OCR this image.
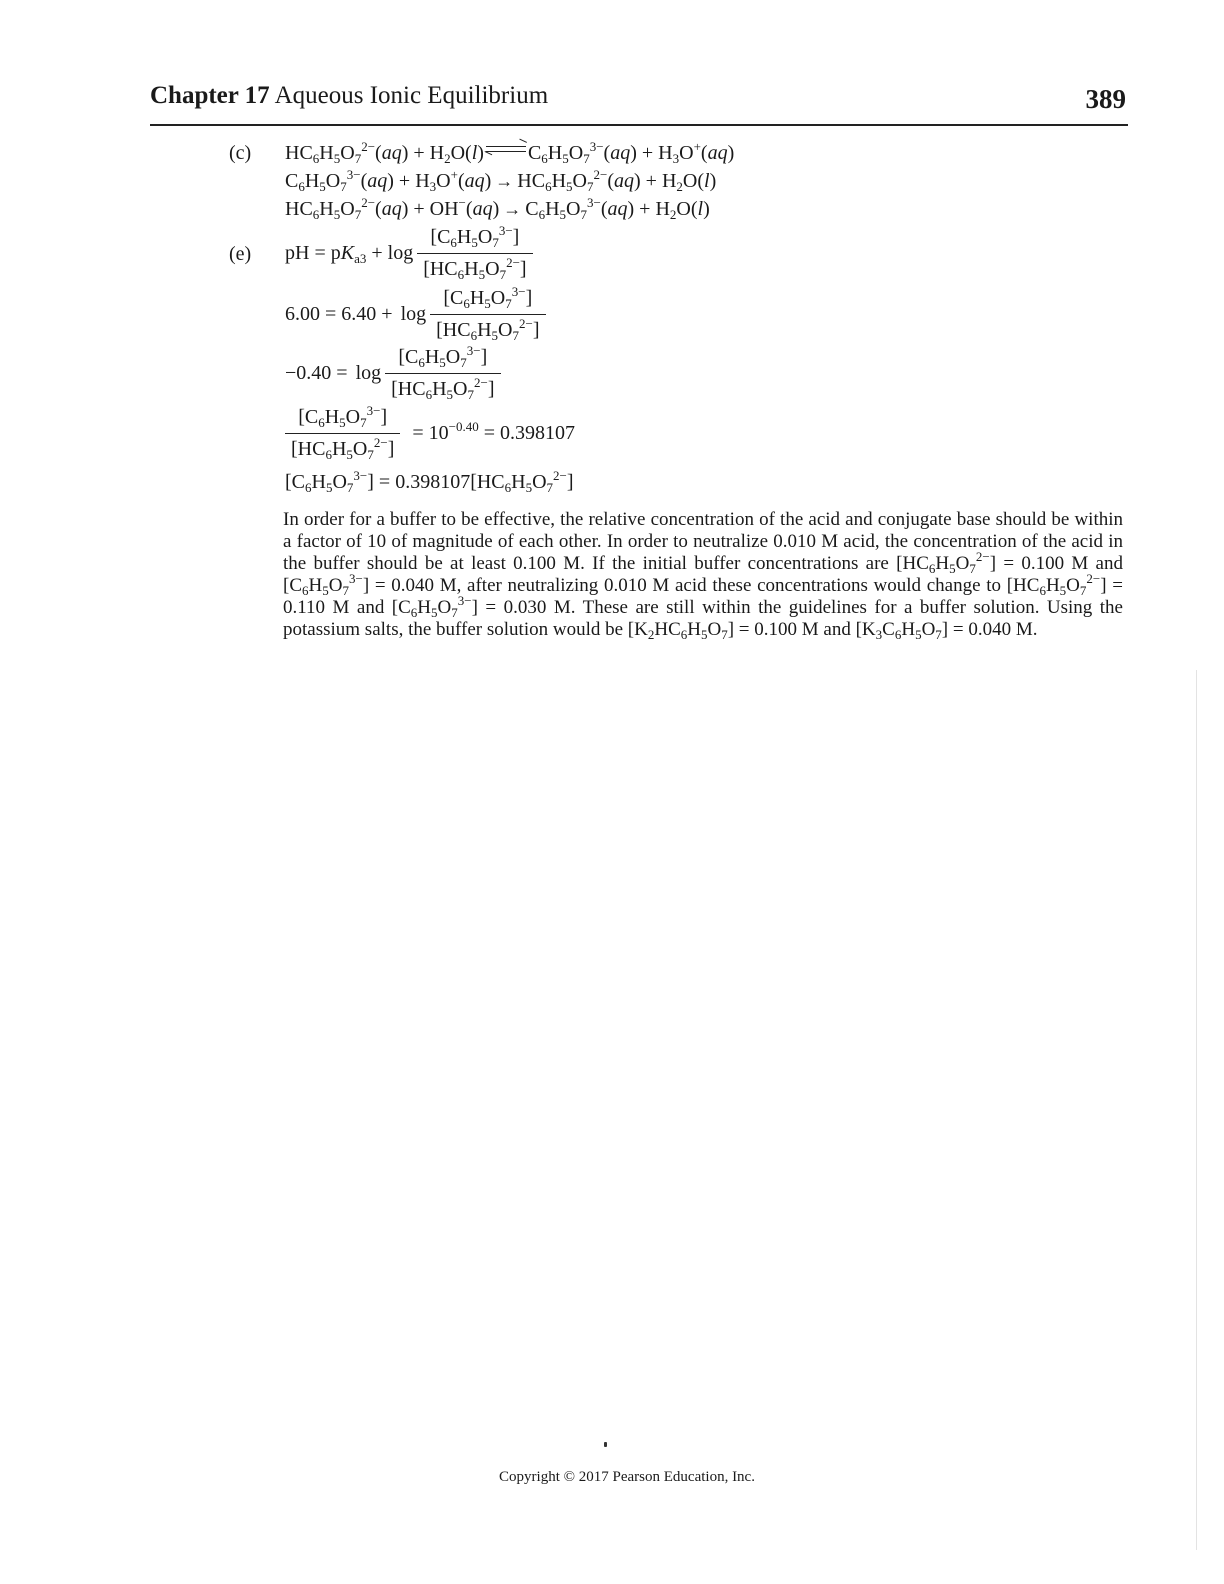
Chapter 17 Aqueous Ionic Equilibrium	389
(c) $HC_6H_5O_7^{2-}(aq) + H_2O(l) C_6H_5O_7^{3-}(aq) + H_3O^+(aq)$
$C_6H_5O_7^{3-}(aq) + H_3O^+(aq) \to HC_6H_5O_7^{2-}(aq) + H_2O(l)$
$HC_6H_5O_7^{2-}(aq) + OH^-(aq) \to C_6H_5O_7^{3-}(aq) + H_2O(l)$
(e) pH = $pK_{a3} + \log \frac{[C_6H_5O_7^{3-}]}{[HC_6H_5O_7^{2-}]}$
$6.00 = 6.40 + \log \frac{[C_6H_5O_7^{3-}]}{[HC_6H_5O_7^{2-}]}$
$-0.40 = \log \frac{[C_6H_5O_7^{3-}]}{[HC_6H_5O_7^{2-}]}$
$\frac{[C_6H_5O_7^{3-}]}{[HC_6H_5O_7^{2-}]} = 10^{-0.40} = 0.398107$
$[C_6H_5O_7^{3-}] = 0.398107[HC_6H_5O_7^{2-}]$
In order for a buffer to be effective, the relative concentration of the acid and conjugate base should be within a factor of 10 of magnitude of each other. In order to neutralize 0.010 M acid, the concentration of the acid in the buffer should be at least 0.100 M. If the initial buffer concentrations are $[HC_6H_5O_7^{2-}] = 0.100$ M and $[C_6H_5O_7^{3-}] = 0.040$ M, after neutralizing 0.010 M acid these concentrations would change to $[HC_6H_5O_7^{2-}] = 0.110$ M and $[C_6H_5O_7^{3-}] = 0.030$ M. These are still within the guidelines for a buffer solution. Using the potassium salts, the buffer solution would be $[K_2HC_6H_5O_7] = 0.100$ M and $[K_3C_6H_5O_7] = 0.040$ M.
Copyright © 2017 Pearson Education, Inc.
